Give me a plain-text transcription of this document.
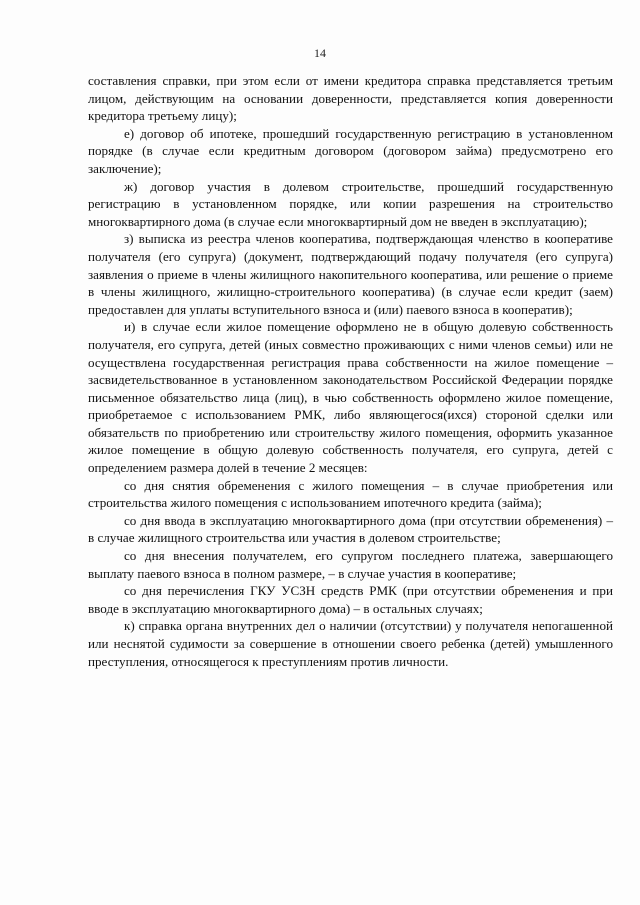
14

составления справки, при этом если от имени кредитора справка представляется третьим лицом, действующим на основании доверенности, представляется копия доверенности кредитора третьему лицу);

е) договор об ипотеке, прошедший государственную регистрацию в установленном порядке (в случае если кредитным договором (договором займа) предусмотрено его заключение);

ж) договор участия в долевом строительстве, прошедший государственную регистрацию в установленном порядке, или копии разрешения на строительство многоквартирного дома (в случае если многоквартирный дом не введен в эксплуатацию);

з) выписка из реестра членов кооператива, подтверждающая членство в кооперативе получателя (его супруга) (документ, подтверждающий подачу получателя (его супруга) заявления о приеме в члены жилищного накопительного кооператива, или решение о приеме в члены жилищного, жилищно-строительного кооператива) (в случае если кредит (заем) предоставлен для уплаты вступительного взноса и (или) паевого взноса в кооператив);

и) в случае если жилое помещение оформлено не в общую долевую собственность получателя, его супруга, детей (иных совместно проживающих с ними членов семьи) или не осуществлена государственная регистрация права собственности на жилое помещение – засвидетельствованное в установленном законодательством Российской Федерации порядке письменное обязательство лица (лиц), в чью собственность оформлено жилое помещение, приобретаемое с использованием РМК, либо являющегося(ихся) стороной сделки или обязательств по приобретению или строительству жилого помещения, оформить указанное жилое помещение в общую долевую собственность получателя, его супруга, детей с определением размера долей в течение 2 месяцев:

со дня снятия обременения с жилого помещения – в случае приобретения или строительства жилого помещения с использованием ипотечного кредита (займа);

со дня ввода в эксплуатацию многоквартирного дома (при отсутствии обременения) – в случае жилищного строительства или участия в долевом строительстве;

со дня внесения получателем, его супругом последнего платежа, завершающего выплату паевого взноса в полном размере, – в случае участия в кооперативе;

со дня перечисления ГКУ УСЗН средств РМК (при отсутствии обременения и при вводе в эксплуатацию многоквартирного дома) – в остальных случаях;

к) справка органа внутренних дел о наличии (отсутствии) у получателя непогашенной или неснятой судимости за совершение в отношении своего ребенка (детей) умышленного преступления, относящегося к преступлениям против личности.
